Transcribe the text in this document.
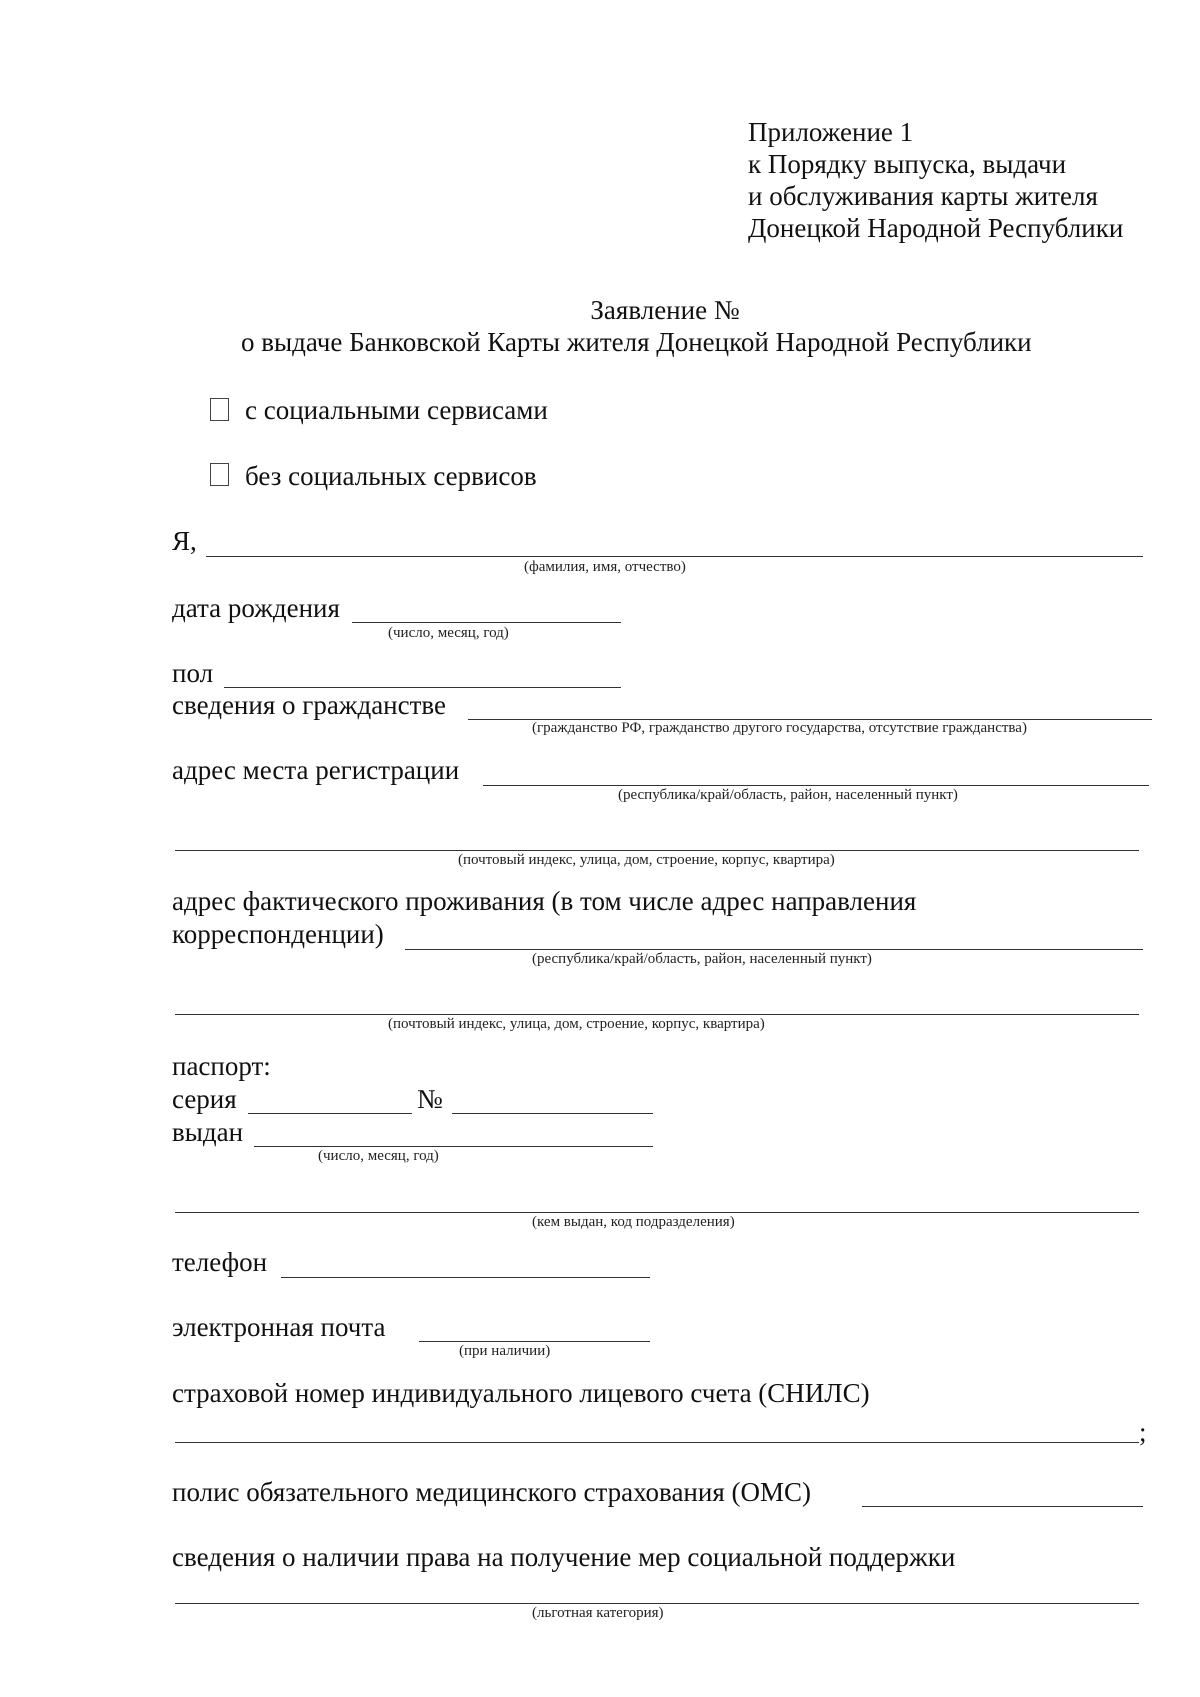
Приложение 1
к Порядку выпуска, выдачи
и обслуживания карты жителя
Донецкой Народной Республики
Заявление №
о выдаче Банковской Карты жителя Донецкой Народной Республики
с социальными сервисами
без социальных сервисов
Я,
(фамилия, имя, отчество)
дата рождения
(число, месяц, год)
пол
сведения о гражданстве
(гражданство РФ, гражданство другого государства, отсутствие гражданства)
адрес места регистрации
(республика/край/область, район, населенный пункт)
(почтовый индекс, улица, дом, строение, корпус, квартира)
адрес фактического проживания (в том числе адрес направления
корреспонденции)
(республика/край/область, район, населенный пункт)
(почтовый индекс, улица, дом, строение, корпус, квартира)
паспорт:
серия	№
выдан
(число, месяц, год)
(кем выдан, код подразделения)
телефон
электронная почта
(при наличии)
страховой номер индивидуального лицевого счета (СНИЛС)
;
полис обязательного медицинского страхования (ОМС)
сведения о наличии права на получение мер социальной поддержки
(льготная категория)
